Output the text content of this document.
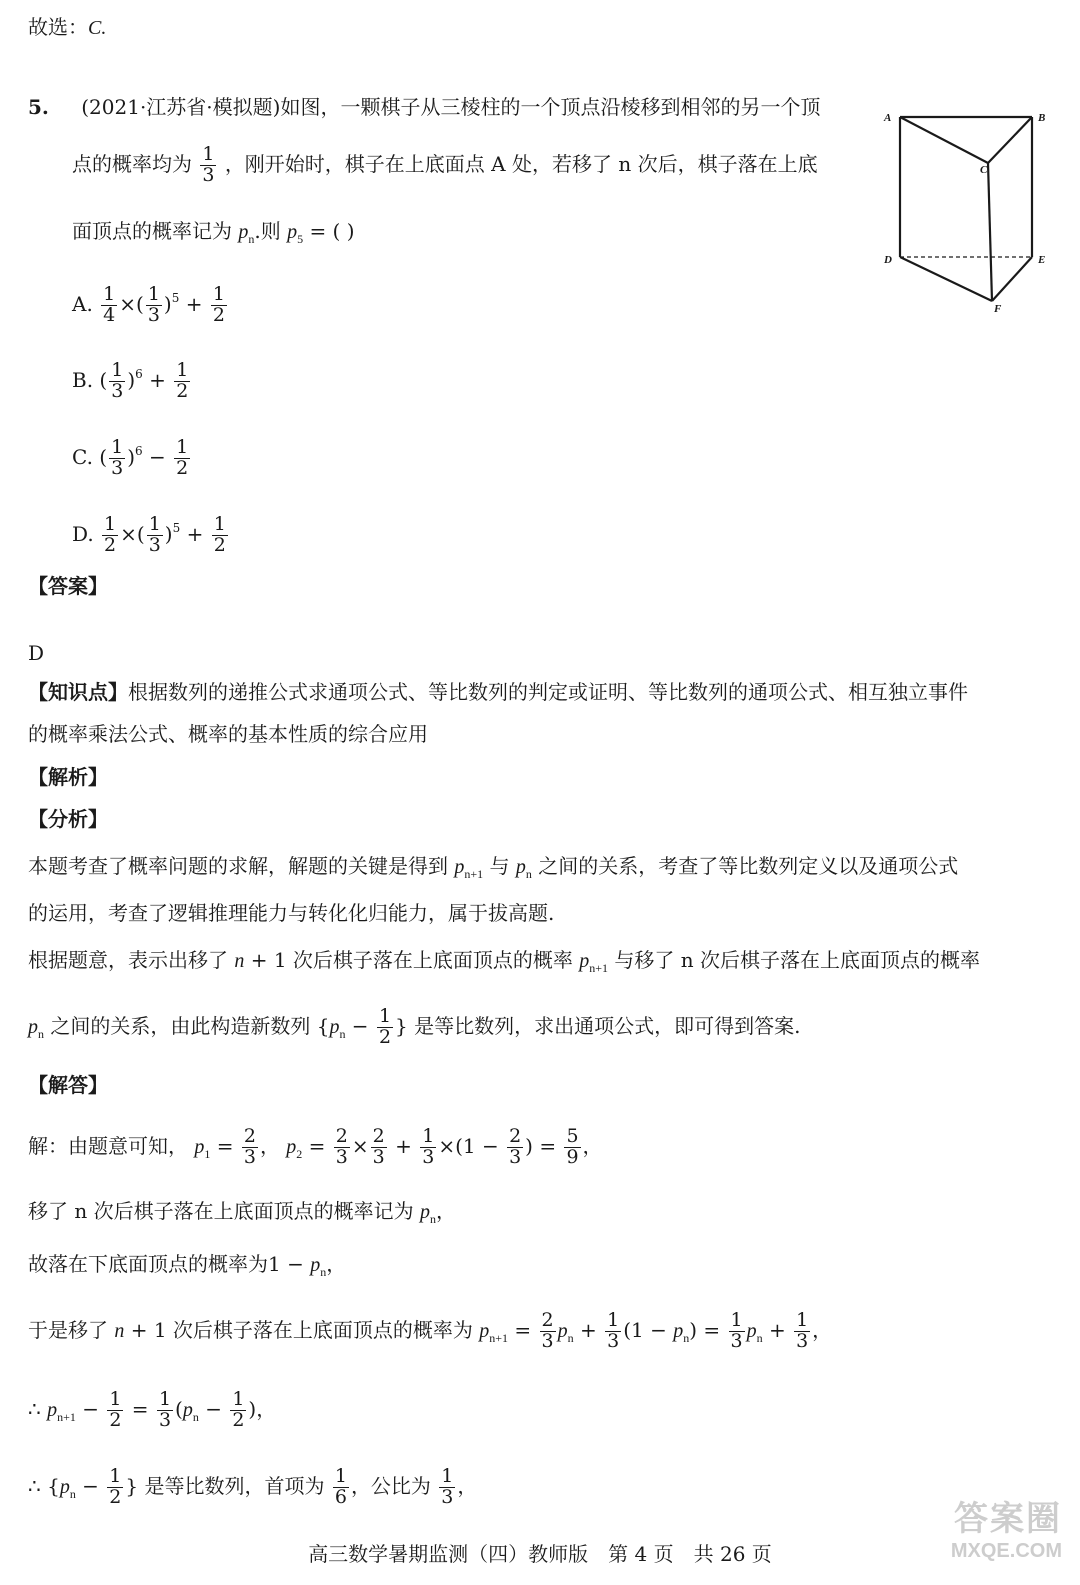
故选：C.
5. (2021·江苏省·模拟题)如图，一颗棋子从三棱柱的一个顶点沿棱移到相邻的另一个顶
点的概率均为 $\frac{1}{3}$ ，刚开始时，棋子在上底面点 A 处，若移了 n 次后，棋子落在上底
面顶点的概率记为 $p_n$.则 $p_5$ = ( )
A. $\frac{1}{4}$ ×( $\frac{1}{3} )^5 + \frac{1}{2}$
B. ( $\frac{1}{3} )^6 + \frac{1}{2}$
C. ( $\frac{1}{3} )^6 - \frac{1}{2}$
D. $\frac{1}{2}$ ×( $\frac{1}{3} )^5 + \frac{1}{2}$
A	B
C
D	E
F
【答案】
D
【知识点】根据数列的递推公式求通项公式、等比数列的判定或证明、等比数列的通项公式、相互独立事件
的概率乘法公式、概率的基本性质的综合应用
【解析】
【分析】
本题考查了概率问题的求解，解题的关键是得到 $p_{n+1}$ 与 $p_n$ 之间的关系，考查了等比数列定义以及通项公式
的运用，考查了逻辑推理能力与转化化归能力，属于拔高题.
根据题意，表示出移了 n + 1 次后棋子落在上底面顶点的概率 $p_{n+1}$ 与移了 n 次后棋子落在上底面顶点的概率
$p_n$ 之间的关系，由此构造新数列 {$p_n - \frac{1}{2}$ } 是等比数列，求出通项公式，即可得到答案.
【解答】
解：由题意可知， $p_1 = \frac{2}{3}$ ， $p_2 = \frac{2}{3} \times \frac{2}{3} + \frac{1}{3} \times(1 - \frac{2}{3}$ ) = $\frac{5}{9}$ ，
移了 n 次后棋子落在上底面顶点的概率记为 $p_n$，
故落在下底面顶点的概率为$1 - p_n$，
于是移了 n + 1 次后棋子落在上底面顶点的概率为 $p_{n+1} = \frac{2}{3} p_n + \frac{1}{3} (1 - p_n) = \frac{1}{3} p_n + \frac{1}{3}$ ，
∴ $p_{n+1} - \frac{1}{2} = \frac{1}{3} (p_n - \frac{1}{2}$ )，
∴ {$p_n - \frac{1}{2}$ } 是等比数列，首项为 $\frac{1}{6}$ ，公比为 $\frac{1}{3}$ ，
高三数学暑期监测（四）教师版　第 4 页　共 26 页
答案圈
MXQE.COM
